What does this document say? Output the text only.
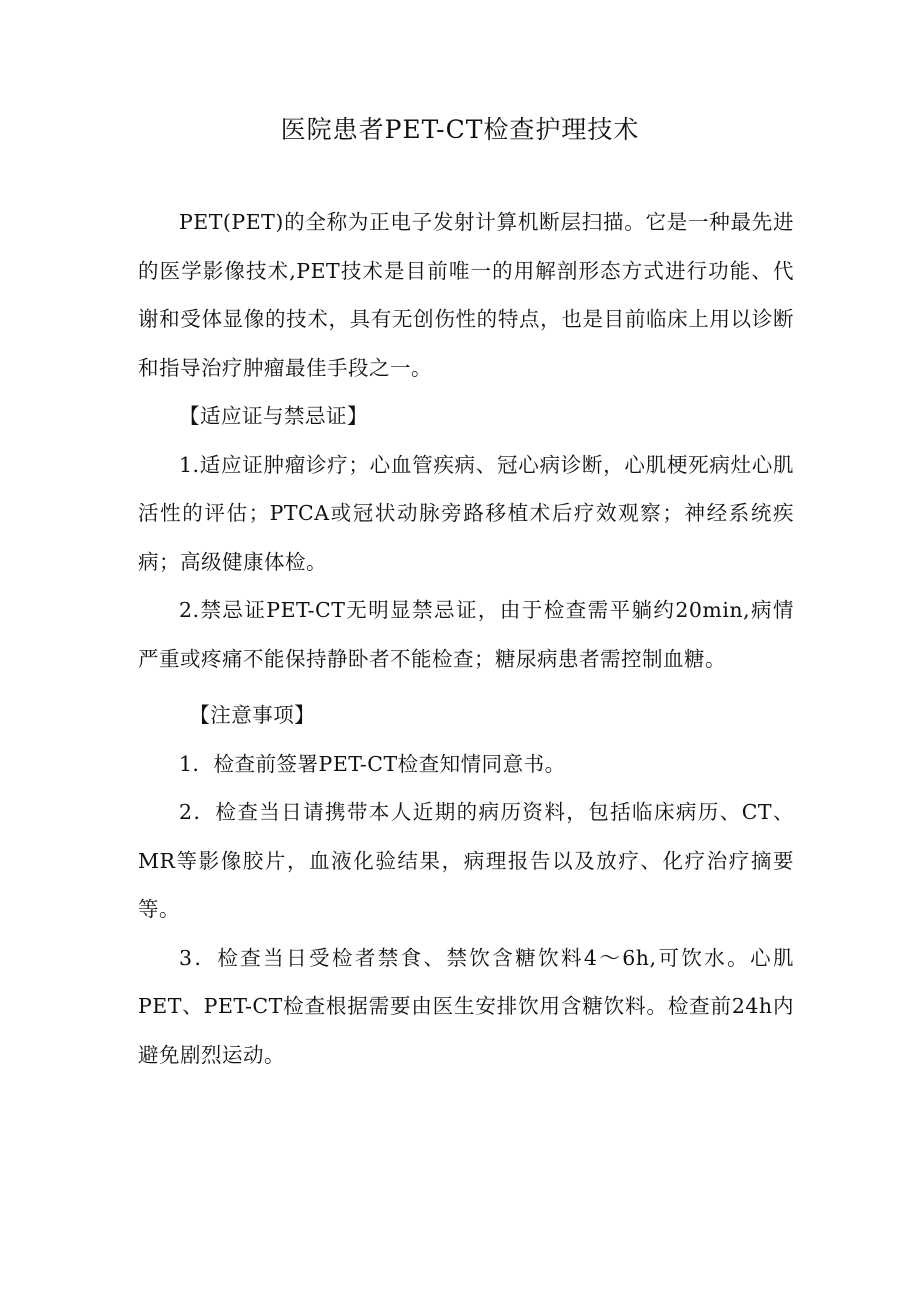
医院患者PET-CT检查护理技术

PET(PET)的全称为正电子发射计算机断层扫描。它是一种最先进的医学影像技术,PET技术是目前唯一的用解剖形态方式进行功能、代谢和受体显像的技术，具有无创伤性的特点，也是目前临床上用以诊断和指导治疗肿瘤最佳手段之一。

【适应证与禁忌证】

1.适应证肿瘤诊疗；心血管疾病、冠心病诊断，心肌梗死病灶心肌活性的评估；PTCA或冠状动脉旁路移植术后疗效观察；神经系统疾病；高级健康体检。

2.禁忌证PET-CT无明显禁忌证，由于检查需平躺约20min,病情严重或疼痛不能保持静卧者不能检查；糖尿病患者需控制血糖。

【注意事项】

1．检查前签署PET-CT检查知情同意书。

2．检查当日请携带本人近期的病历资料，包括临床病历、CT、MR等影像胶片，血液化验结果，病理报告以及放疗、化疗治疗摘要等。

3．检查当日受检者禁食、禁饮含糖饮料4～6h,可饮水。心肌PET、PET-CT检查根据需要由医生安排饮用含糖饮料。检查前24h内避免剧烈运动。
